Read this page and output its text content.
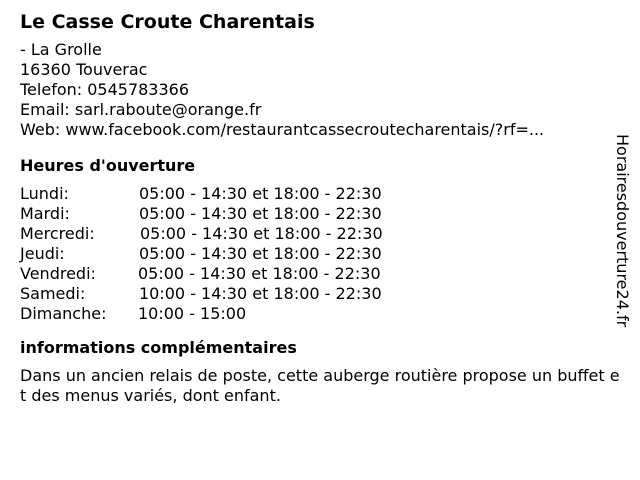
Le Casse Croute Charentais
- La Grolle
16360 Touverac
Telefon: 0545783366
Email: sarl.raboute@orange.fr
Web: www.facebook.com/restaurantcassecroutecharentais/?rf=...
Heures d'ouverture
Lundi:	05:00 - 14:30 et 18:00 - 22:30
Mardi:	05:00 - 14:30 et 18:00 - 22:30
Mercredi:	05:00 - 14:30 et 18:00 - 22:30
Jeudi:	05:00 - 14:30 et 18:00 - 22:30
Vendredi:	05:00 - 14:30 et 18:00 - 22:30
Samedi:	10:00 - 14:30 et 18:00 - 22:30
Dimanche: 10:00 - 15:00
informations complémentaires
Dans un ancien relais de poste, cette auberge routière propose un buffet et des menus variés, dont enfant.
Horairesdouverture24.fr
